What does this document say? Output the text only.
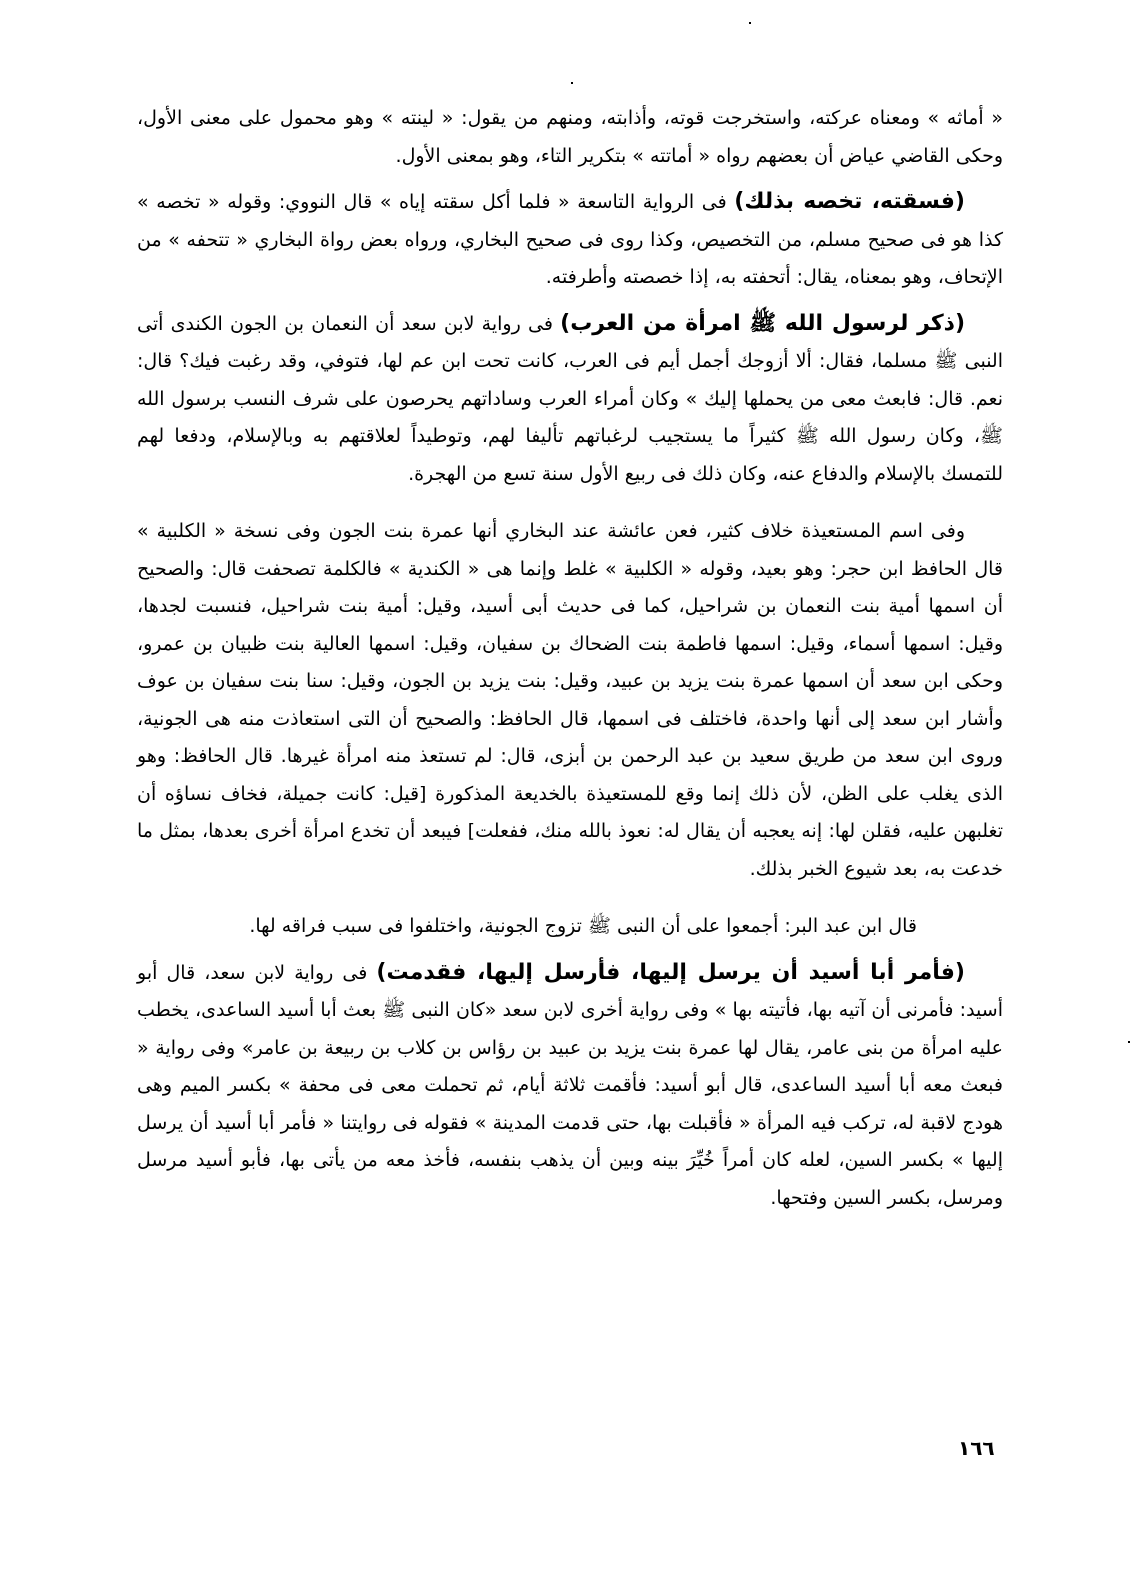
« أماثه » ومعناه عركته، واستخرجت قوته، وأذابته، ومنهم من يقول: « لينته » وهو محمول على معنى الأول، وحكى القاضي عياض أن بعضهم رواه « أماتته » بتكرير التاء، وهو بمعنى الأول.

(فسقته، تخصه بذلك) فى الرواية التاسعة « فلما أكل سقته إياه » قال النووي: وقوله « تخصه » كذا هو فى صحيح مسلم، من التخصيص، وكذا روى فى صحيح البخاري، ورواه بعض رواة البخاري « تتحفه » من الإتحاف، وهو بمعناه، يقال: أتحفته به، إذا خصصته وأطرفته.

(ذكر لرسول الله ﷺ امرأة من العرب) فى رواية لابن سعد أن النعمان بن الجون الكندى أتى النبى ﷺ مسلما، فقال: ألا أزوجك أجمل أيم فى العرب، كانت تحت ابن عم لها، فتوفي، وقد رغبت فيك؟ قال: نعم. قال: فابعث معى من يحملها إليك » وكان أمراء العرب وساداتهم يحرصون على شرف النسب برسول الله ﷺ، وكان رسول الله ﷺ كثيراً ما يستجيب لرغباتهم تأليفا لهم، وتوطيداً لعلاقتهم به وبالإسلام، ودفعا لهم للتمسك بالإسلام والدفاع عنه، وكان ذلك فى ربيع الأول سنة تسع من الهجرة.

وفى اسم المستعيذة خلاف كثير، فعن عائشة عند البخاري أنها عمرة بنت الجون وفى نسخة « الكلبية » قال الحافظ ابن حجر: وهو بعيد، وقوله « الكلبية » غلط وإنما هى « الكندية » فالكلمة تصحفت قال: والصحيح أن اسمها أمية بنت النعمان بن شراحيل، كما فى حديث أبى أسيد، وقيل: أمية بنت شراحيل، فنسبت لجدها، وقيل: اسمها أسماء، وقيل: اسمها فاطمة بنت الضحاك بن سفيان، وقيل: اسمها العالية بنت ظبيان بن عمرو، وحكى ابن سعد أن اسمها عمرة بنت يزيد بن عبيد، وقيل: بنت يزيد بن الجون، وقيل: سنا بنت سفيان بن عوف وأشار ابن سعد إلى أنها واحدة، فاختلف فى اسمها، قال الحافظ: والصحيح أن التى استعاذت منه هى الجونية، وروى ابن سعد من طريق سعيد بن عبد الرحمن بن أبزى، قال: لم تستعذ منه امرأة غيرها. قال الحافظ: وهو الذى يغلب على الظن، لأن ذلك إنما وقع للمستعيذة بالخديعة المذكورة [قيل: كانت جميلة، فخاف نساؤه أن تغلبهن عليه، فقلن لها: إنه يعجبه أن يقال له: نعوذ بالله منك، ففعلت] فيبعد أن تخدع امرأة أخرى بعدها، بمثل ما خدعت به، بعد شيوع الخبر بذلك.

قال ابن عبد البر: أجمعوا على أن النبى ﷺ تزوج الجونية، واختلفوا فى سبب فراقه لها.

(فأمر أبا أسيد أن يرسل إليها، فأرسل إليها، فقدمت) فى رواية لابن سعد، قال أبو أسيد: فأمرنى أن آتيه بها، فأتيته بها » وفى رواية أخرى لابن سعد «كان النبى ﷺ بعث أبا أسيد الساعدى، يخطب عليه امرأة من بنى عامر، يقال لها عمرة بنت يزيد بن عبيد بن رؤاس بن كلاب بن ربيعة بن عامر» وفى رواية « فبعث معه أبا أسيد الساعدى، قال أبو أسيد: فأقمت ثلاثة أيام، ثم تحملت معى فى محفة » بكسر الميم وهى هودج لاقبة له، تركب فيه المرأة « فأقبلت بها، حتى قدمت المدينة » فقوله فى روايتنا « فأمر أبا أسيد أن يرسل إليها » بكسر السين، لعله كان أمراً خُيِّرَ بينه وبين أن يذهب بنفسه، فأخذ معه من يأتى بها، فأبو أسيد مرسل ومرسل، بكسر السين وفتحها.

١٦٦
